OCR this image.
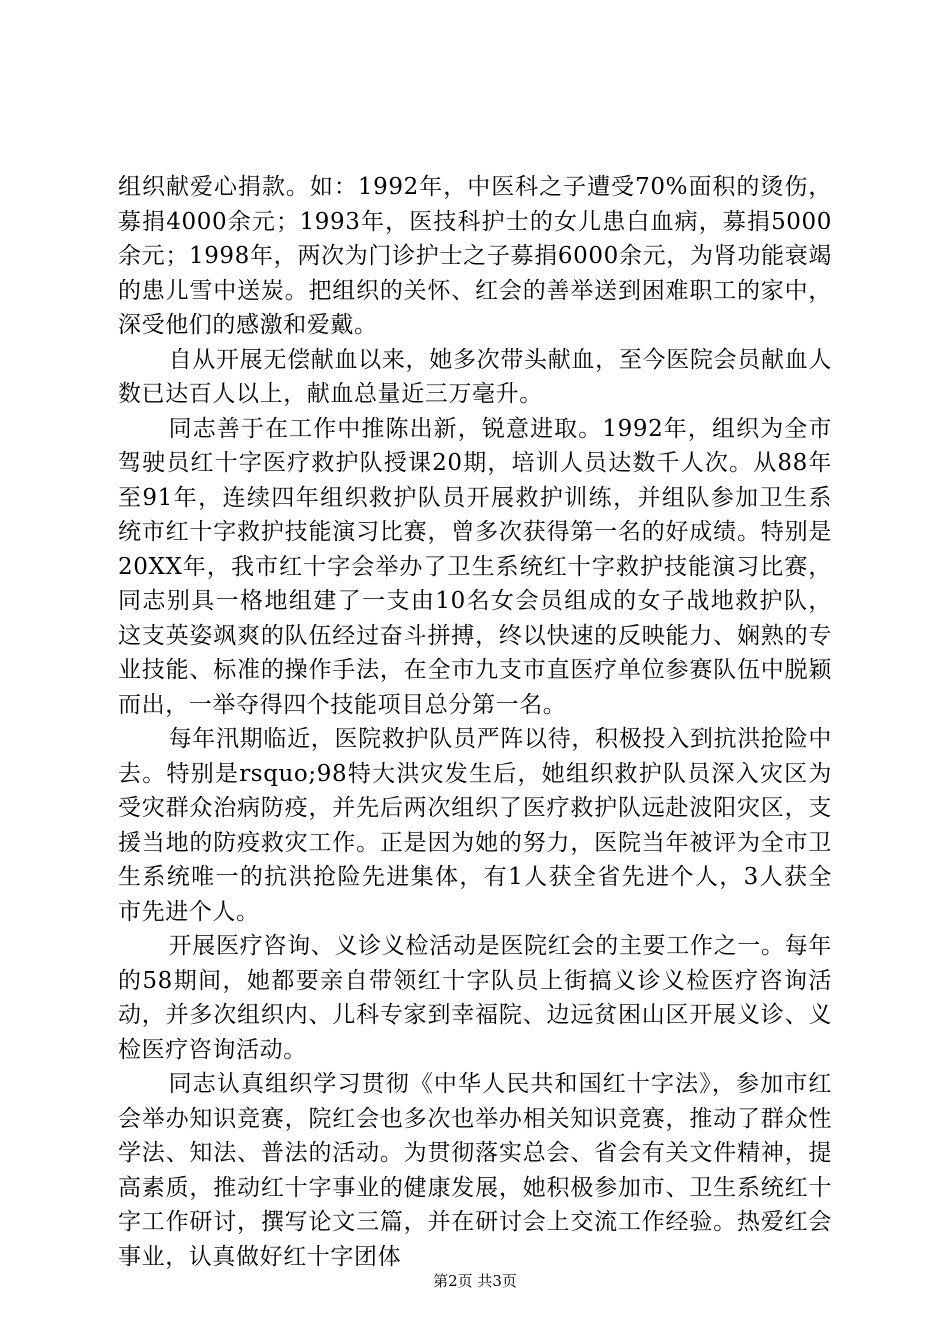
组织献爱心捐款。如：1992年，中医科之子遭受70%面积的烫伤，募捐4000余元；1993年，医技科护士的女儿患白血病，募捐5000余元；1998年，两次为门诊护士之子募捐6000余元，为肾功能衰竭的患儿雪中送炭。把组织的关怀、红会的善举送到困难职工的家中，深受他们的感激和爱戴。

自从开展无偿献血以来，她多次带头献血，至今医院会员献血人数已达百人以上，献血总量近三万毫升。

同志善于在工作中推陈出新，锐意进取。1992年，组织为全市驾驶员红十字医疗救护队授课20期，培训人员达数千人次。从88年至91年，连续四年组织救护队员开展救护训练，并组队参加卫生系统市红十字救护技能演习比赛，曾多次获得第一名的好成绩。特别是20XX年，我市红十字会举办了卫生系统红十字救护技能演习比赛，同志别具一格地组建了一支由10名女会员组成的女子战地救护队，这支英姿飒爽的队伍经过奋斗拼搏，终以快速的反映能力、娴熟的专业技能、标准的操作手法，在全市九支市直医疗单位参赛队伍中脱颖而出，一举夺得四个技能项目总分第一名。

每年汛期临近，医院救护队员严阵以待，积极投入到抗洪抢险中去。特别是rsquo;98特大洪灾发生后，她组织救护队员深入灾区为受灾群众治病防疫，并先后两次组织了医疗救护队远赴波阳灾区，支援当地的防疫救灾工作。正是因为她的努力，医院当年被评为全市卫生系统唯一的抗洪抢险先进集体，有1人获全省先进个人，3人获全市先进个人。

开展医疗咨询、义诊义检活动是医院红会的主要工作之一。每年的58期间，她都要亲自带领红十字队员上街搞义诊义检医疗咨询活动，并多次组织内、儿科专家到幸福院、边远贫困山区开展义诊、义检医疗咨询活动。

同志认真组织学习贯彻《中华人民共和国红十字法》，参加市红会举办知识竞赛，院红会也多次也举办相关知识竞赛，推动了群众性学法、知法、普法的活动。为贯彻落实总会、省会有关文件精神，提高素质，推动红十字事业的健康发展，她积极参加市、卫生系统红十字工作研讨，撰写论文三篇，并在研讨会上交流工作经验。热爱红会事业，认真做好红十字团体

第2页 共3页
